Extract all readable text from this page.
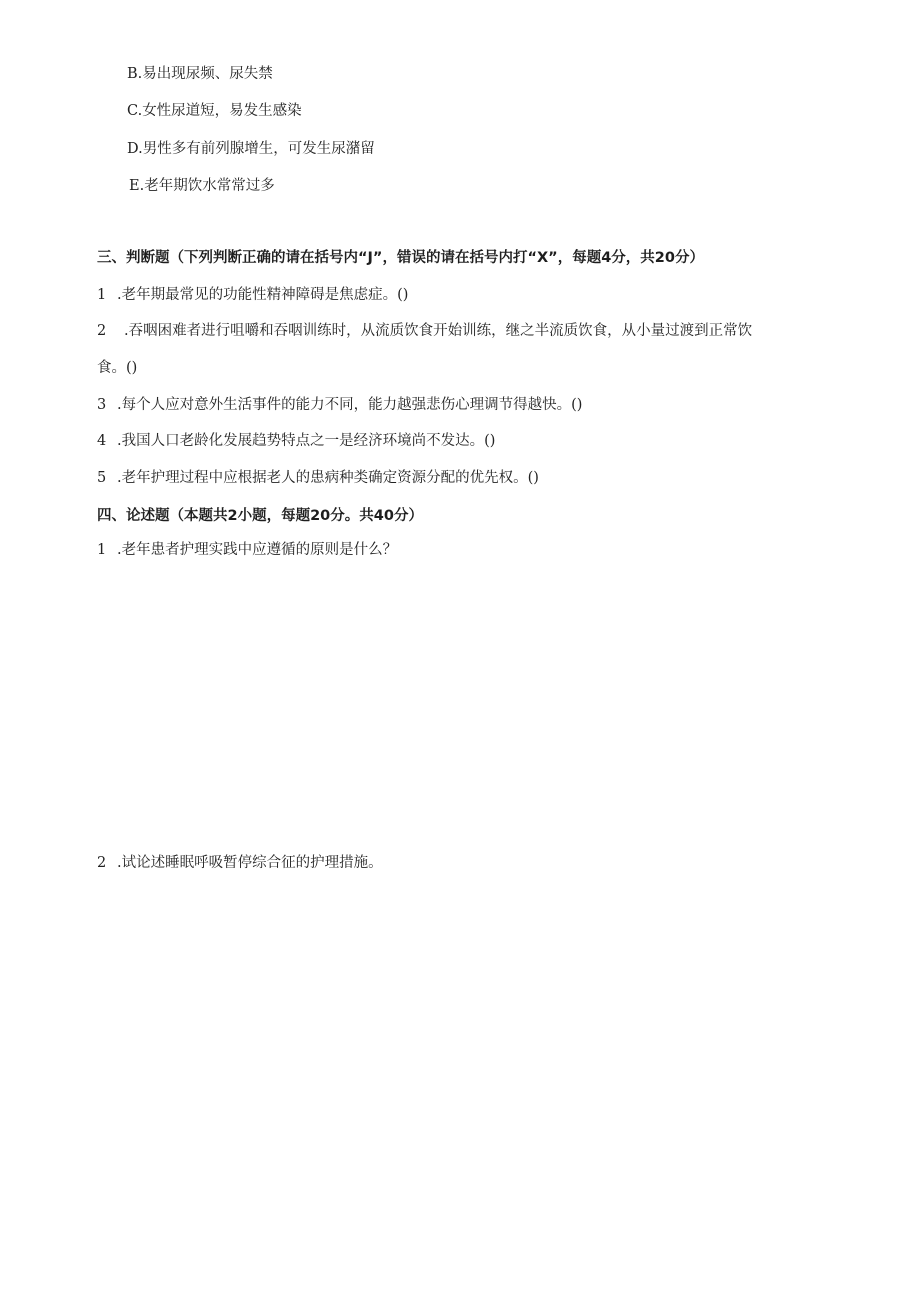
B.易出现尿频、尿失禁
C.女性尿道短，易发生感染
D.男性多有前列腺增生，可发生尿潴留
E.老年期饮水常常过多
三、判断题（下列判断正确的请在括号内“J”，错误的请在括号内打“X”，每题4分，共20分）
1 .老年期最常见的功能性精神障碍是焦虑症。()
2 .吞咽困难者进行咀嚼和吞咽训练时，从流质饮食开始训练，继之半流质饮食，从小量过渡到正常饮
食。()
3 .每个人应对意外生活事件的能力不同，能力越强悲伤心理调节得越快。()
4 .我国人口老龄化发展趋势特点之一是经济环境尚不发达。()
5 .老年护理过程中应根据老人的患病种类确定资源分配的优先权。()
四、论述题（本题共2小题，每题20分。共40分）
1 .老年患者护理实践中应遵循的原则是什么？
2 .试论述睡眠呼吸暂停综合征的护理措施。
